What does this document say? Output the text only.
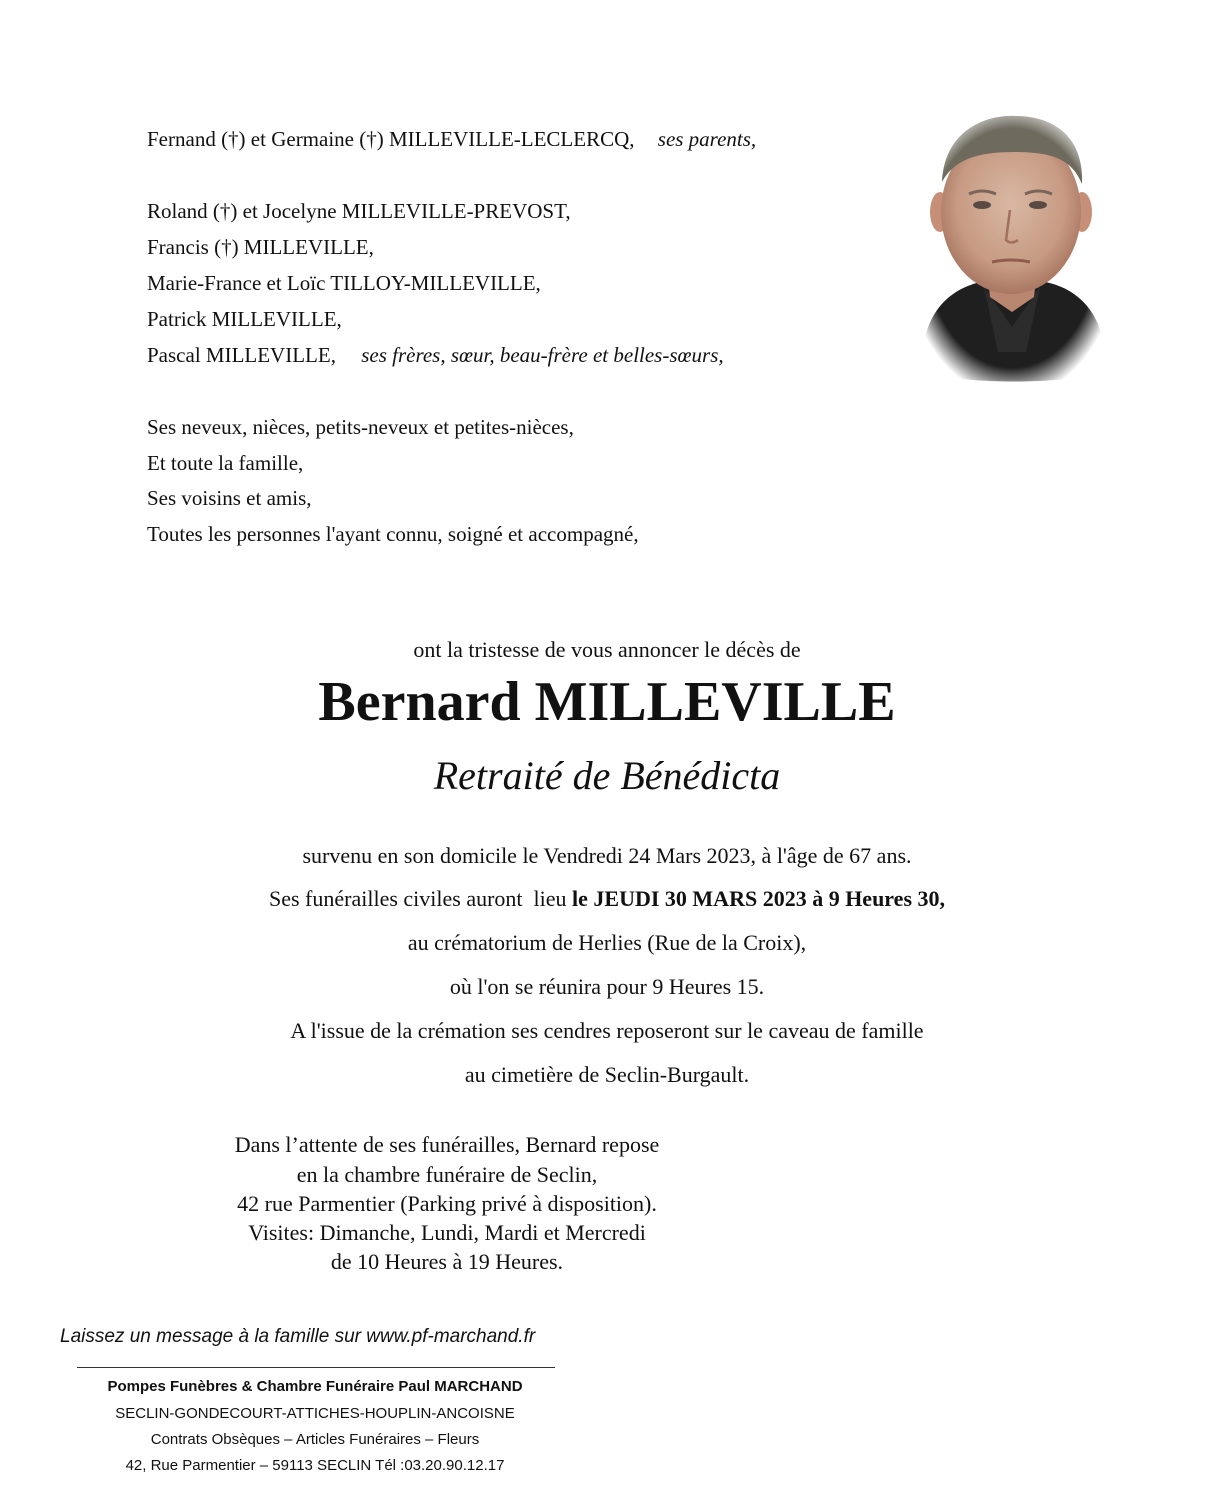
Fernand (†) et Germaine (†) MILLEVILLE-LECLERCQ, ses parents,
Roland (†) et Jocelyne MILLEVILLE-PREVOST,
Francis (†) MILLEVILLE,
Marie-France et Loïc TILLOY-MILLEVILLE,
Patrick MILLEVILLE,
Pascal MILLEVILLE, ses frères, sœur, beau-frère et belles-sœurs,
Ses neveux, nièces, petits-neveux et petites-nièces,
Et toute la famille,
Ses voisins et amis,
Toutes les personnes l'ayant connu, soigné et accompagné,
ont la tristesse de vous annoncer le décès de
Bernard MILLEVILLE
Retraité de Bénédicta
survenu en son domicile le Vendredi 24 Mars 2023, à l'âge de 67 ans.
Ses funérailles civiles auront  lieu le JEUDI 30 MARS 2023 à 9 Heures 30,
au crématorium de Herlies (Rue de la Croix),
où l'on se réunira pour 9 Heures 15.
A l'issue de la crémation ses cendres reposeront sur le caveau de famille
au cimetière de Seclin-Burgault.
Dans l’attente de ses funérailles, Bernard repose
en la chambre funéraire de Seclin,
42 rue Parmentier (Parking privé à disposition).
Visites: Dimanche, Lundi, Mardi et Mercredi
de 10 Heures à 19 Heures.
Laissez un message à la famille sur www.pf-marchand.fr
Pompes Funèbres & Chambre Funéraire Paul MARCHAND
SECLIN-GONDECOURT-ATTICHES-HOUPLIN-ANCOISNE
Contrats Obsèques – Articles Funéraires – Fleurs
42, Rue Parmentier – 59113 SECLIN Tél :03.20.90.12.17
